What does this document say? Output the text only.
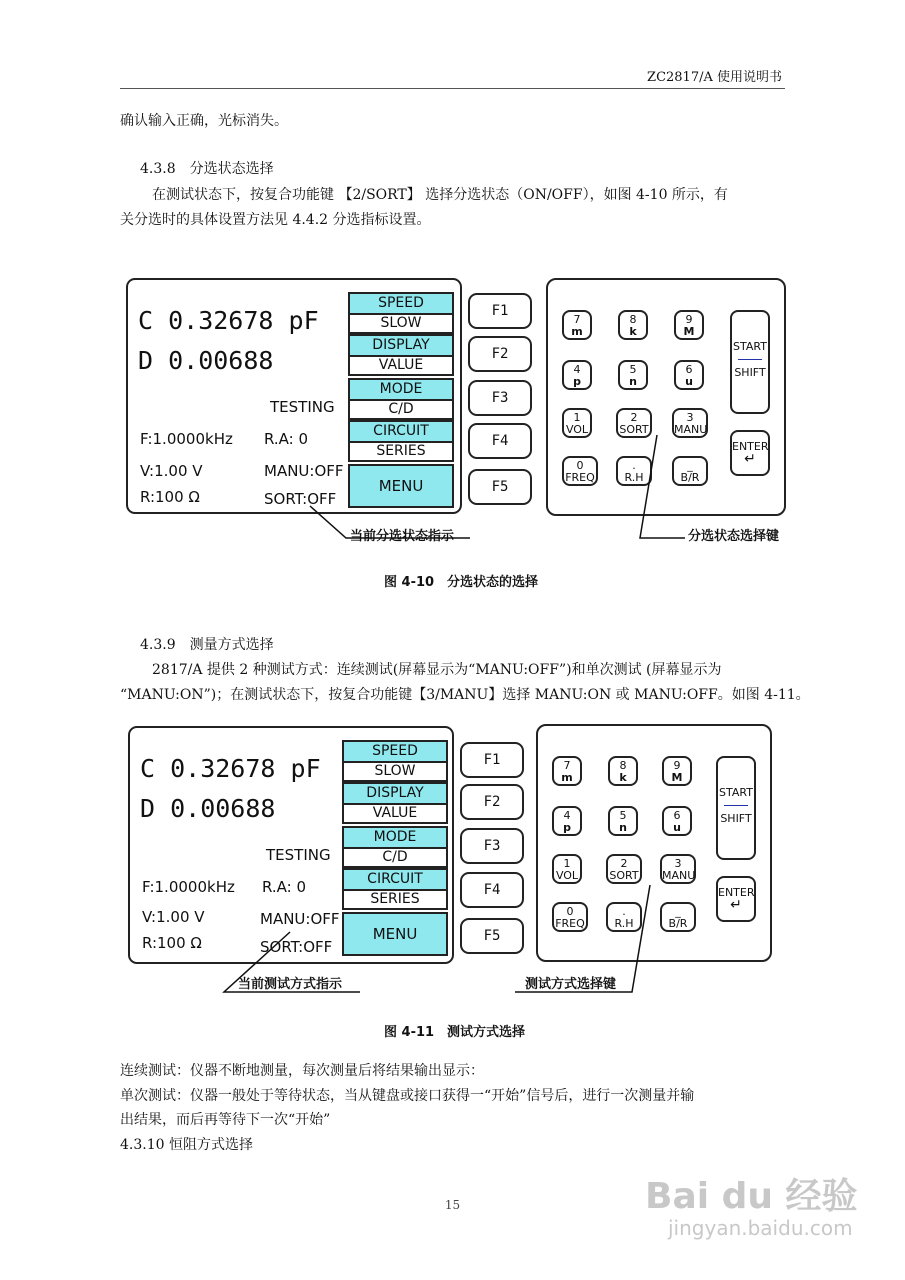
ZC2817/A 使用说明书
确认输入正确，光标消失。
4.3.8　分选状态选择
在测试状态下，按复合功能键 【2/SORT】 选择分选状态（ON/OFF），如图 4-10 所示，有
关分选时的具体设置方法见 4.4.2 分选指标设置。
C 0.32678 pF
D 0.00688
TESTING
F:1.0000kHz R.A: 0
V:1.00 V	MANU:OFF
R:100 Ω	SORT:OFF
SPEED
SLOW
DISPLAY
VALUE
MODE
C/D
CIRCUIT
SERIES
MENU
F1
F2
F3
F4
F5
7
m
8
k
9
M
4
p
5
n
6
u
1
VOL
2
SORT
3
MANU
0
FREQ
.
R.H
_
B/R
START
SHIFT
ENTER
↵
当前分选状态指示	分选状态选择键
图 4-10　分选状态的选择
4.3.9　测量方式选择
2817/A 提供 2 种测试方式：连续测试(屏幕显示为“MANU:OFF”)和单次测试 (屏幕显示为
“MANU:ON”)；在测试状态下，按复合功能键【3/MANU】选择 MANU:ON 或 MANU:OFF。如图 4-11。
C 0.32678 pF
D 0.00688
TESTING
F:1.0000kHz R.A: 0
V:1.00 V	MANU:OFF
R:100 Ω	SORT:OFF
SPEED
SLOW
DISPLAY
VALUE
MODE
C/D
CIRCUIT
SERIES
MENU
F1
F2
F3
F4
F5
7
m
8
k
9
M
4
p
5
n
6
u
1
VOL
2
SORT
3
MANU
0
FREQ
.
R.H
_
B/R
START
SHIFT
ENTER
↵
当前测试方式指示	测试方式选择键
图 4-11　测试方式选择
连续测试：仪器不断地测量，每次测量后将结果输出显示：
单次测试：仪器一般处于等待状态，当从键盘或接口获得一“开始”信号后，进行一次测量并输
出结果，而后再等待下一次“开始”
4.3.10 恒阻方式选择
15	Bai du 经验
jingyan.baidu.com
